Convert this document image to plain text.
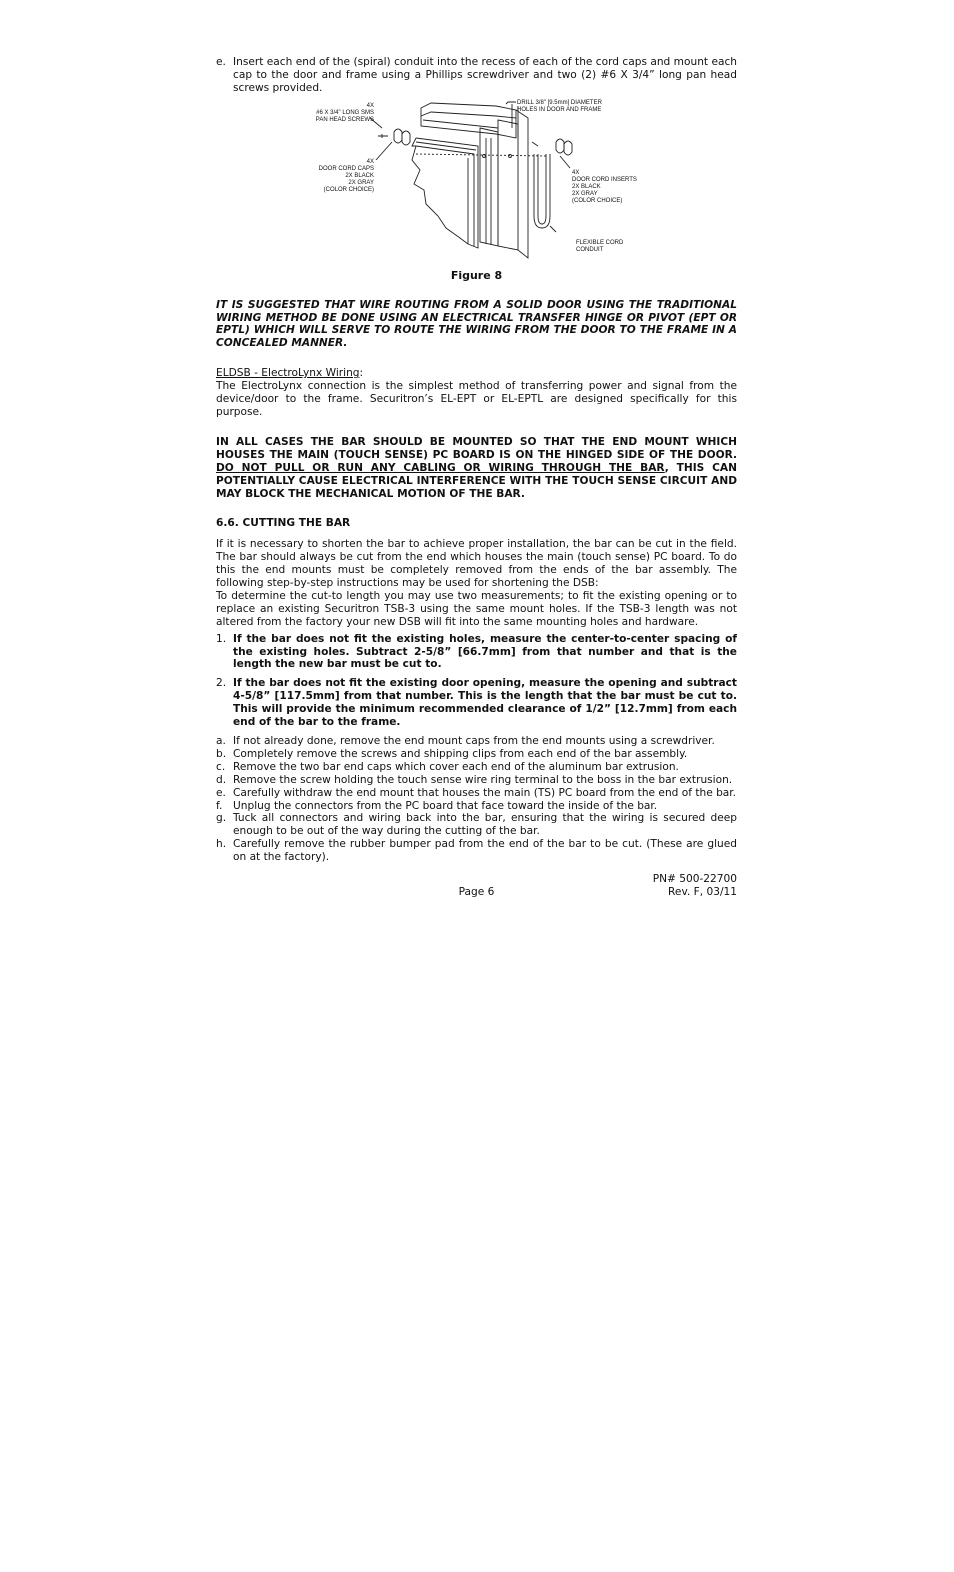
e. Insert each end of the (spiral) conduit into the recess of each of the cord caps and mount each cap to the door and frame using a Phillips screwdriver and two (2) #6 X 3/4” long pan head screws provided.
4X
#6 X 3/4" LONG SMS
PAN HEAD SCREWS
DRILL 3/8" [9.5mm] DIAMETER
HOLES IN DOOR AND FRAME
4X
DOOR CORD CAPS
2X BLACK
2X GRAY
(COLOR CHOICE)
4X
DOOR CORD INSERTS
2X BLACK
2X GRAY
(COLOR CHOICE)
FLEXIBLE CORD
CONDUIT
Figure 8
IT IS SUGGESTED THAT WIRE ROUTING FROM A SOLID DOOR USING THE TRADITIONAL WIRING METHOD BE DONE USING AN ELECTRICAL TRANSFER HINGE OR PIVOT (EPT OR EPTL) WHICH WILL SERVE TO ROUTE THE WIRING FROM THE DOOR TO THE FRAME IN A CONCEALED MANNER.
ELDSB - ElectroLynx Wiring:
The ElectroLynx connection is the simplest method of transferring power and signal from the device/door to the frame. Securitron’s EL-EPT or EL-EPTL are designed specifically for this purpose.
IN ALL CASES THE BAR SHOULD BE MOUNTED SO THAT THE END MOUNT WHICH HOUSES THE MAIN (TOUCH SENSE) PC BOARD IS ON THE HINGED SIDE OF THE DOOR. DO NOT PULL OR RUN ANY CABLING OR WIRING THROUGH THE BAR, THIS CAN POTENTIALLY CAUSE ELECTRICAL INTERFERENCE WITH THE TOUCH SENSE CIRCUIT AND MAY BLOCK THE MECHANICAL MOTION OF THE BAR.
6.6. CUTTING THE BAR
If it is necessary to shorten the bar to achieve proper installation, the bar can be cut in the field. The bar should always be cut from the end which houses the main (touch sense) PC board. To do this the end mounts must be completely removed from the ends of the bar assembly. The following step-by-step instructions may be used for shortening the DSB:
To determine the cut-to length you may use two measurements; to fit the existing opening or to replace an existing Securitron TSB-3 using the same mount holes. If the TSB-3 length was not altered from the factory your new DSB will fit into the same mounting holes and hardware.
1. If the bar does not fit the existing holes, measure the center-to-center spacing of the existing holes. Subtract 2-5/8” [66.7mm] from that number and that is the length the new bar must be cut to.
2. If the bar does not fit the existing door opening, measure the opening and subtract 4-5/8” [117.5mm] from that number. This is the length that the bar must be cut to. This will provide the minimum recommended clearance of 1/2” [12.7mm] from each end of the bar to the frame.
a. If not already done, remove the end mount caps from the end mounts using a screwdriver.
b. Completely remove the screws and shipping clips from each end of the bar assembly.
c. Remove the two bar end caps which cover each end of the aluminum bar extrusion.
d. Remove the screw holding the touch sense wire ring terminal to the boss in the bar extrusion.
e. Carefully withdraw the end mount that houses the main (TS) PC board from the end of the bar.
f.	Unplug the connectors from the PC board that face toward the inside of the bar.
g. Tuck all connectors and wiring back into the bar, ensuring that the wiring is secured deep enough to be out of the way during the cutting of the bar.
h. Carefully remove the rubber bumper pad from the end of the bar to be cut. (These are glued on at the factory).
PN# 500-22700
Page 6	Rev. F, 03/11
